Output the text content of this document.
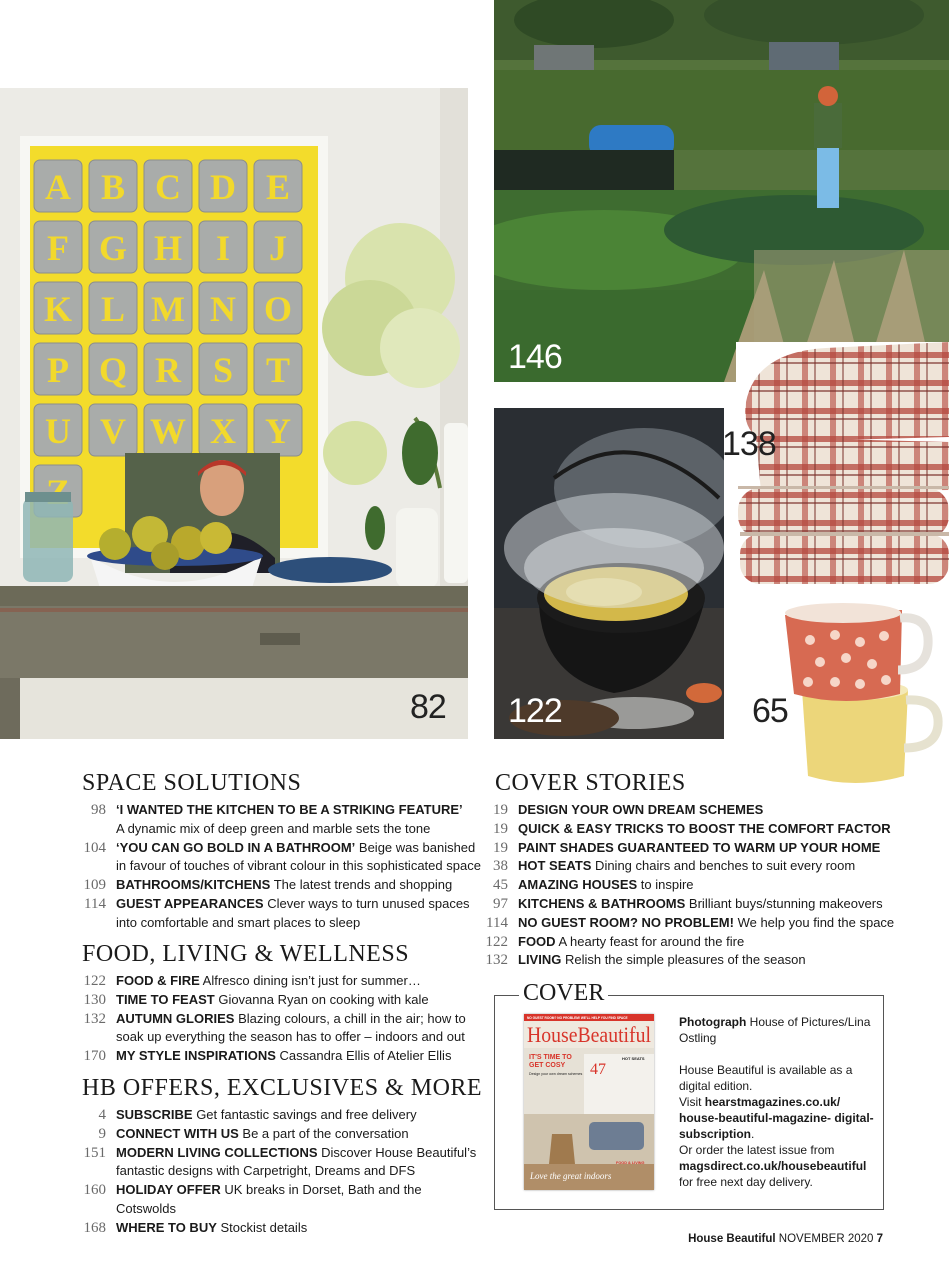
A B C D E
F G H I J
K L M N O
P Q R S T
U V W X Y
82
146
122
138
65
SPACE SOLUTIONS
98 ‘I WANTED THE KITCHEN TO BE A STRIKING FEATURE’
A dynamic mix of deep green and marble sets the tone
104 ‘YOU CAN GO BOLD IN A BATHROOM’ Beige was banished
in favour of touches of vibrant colour in this sophisticated space
109 BATHROOMS/KITCHENS The latest trends and shopping
114 GUEST APPEARANCES Clever ways to turn unused spaces
into comfortable and smart places to sleep
FOOD, LIVING & WELLNESS
122 FOOD & FIRE Alfresco dining isn’t just for summer…
130 TIME TO FEAST Giovanna Ryan on cooking with kale
132 AUTUMN GLORIES Blazing colours, a chill in the air; how to
soak up everything the season has to offer – indoors and out
170 MY STYLE INSPIRATIONS Cassandra Ellis of Atelier Ellis
HB OFFERS, EXCLUSIVES & MORE
4 SUBSCRIBE Get fantastic savings and free delivery
9 CONNECT WITH US Be a part of the conversation
151 MODERN LIVING COLLECTIONS Discover House Beautiful’s
fantastic designs with Carpetright, Dreams and DFS
160 HOLIDAY OFFER UK breaks in Dorset, Bath and the Cotswolds
168 WHERE TO BUY Stockist details
COVER STORIES
19 DESIGN YOUR OWN DREAM SCHEMES
19 QUICK & EASY TRICKS TO BOOST THE COMFORT FACTOR
19 PAINT SHADES GUARANTEED TO WARM UP YOUR HOME
38 HOT SEATS Dining chairs and benches to suit every room
45 AMAZING HOUSES to inspire
97 KITCHENS & BATHROOMS Brilliant buys/stunning makeovers
114 NO GUEST ROOM? NO PROBLEM! We help you find the space
122 FOOD A hearty feast for around the fire
132 LIVING Relish the simple pleasures of the season
COVER
NO GUEST ROOM? NO PROBLEM! WE'LL HELP YOU FIND SPACE
HouseBeautiful
IT'S TIME TO
GET COSY
Design your own dream schemes 47
HOT SEATS
Love the great indoors
FOOD & LIVING

Photograph House of Pictures/Lina Ostling

House Beautiful is available as a digital edition.

Visit hearstmagazines.co.uk/ house-beautiful-magazine- digital-subscription.

Or order the latest issue from

magsdirect.co.uk/housebeautiful

for free next day delivery.

House Beautiful NOVEMBER 2020 7
